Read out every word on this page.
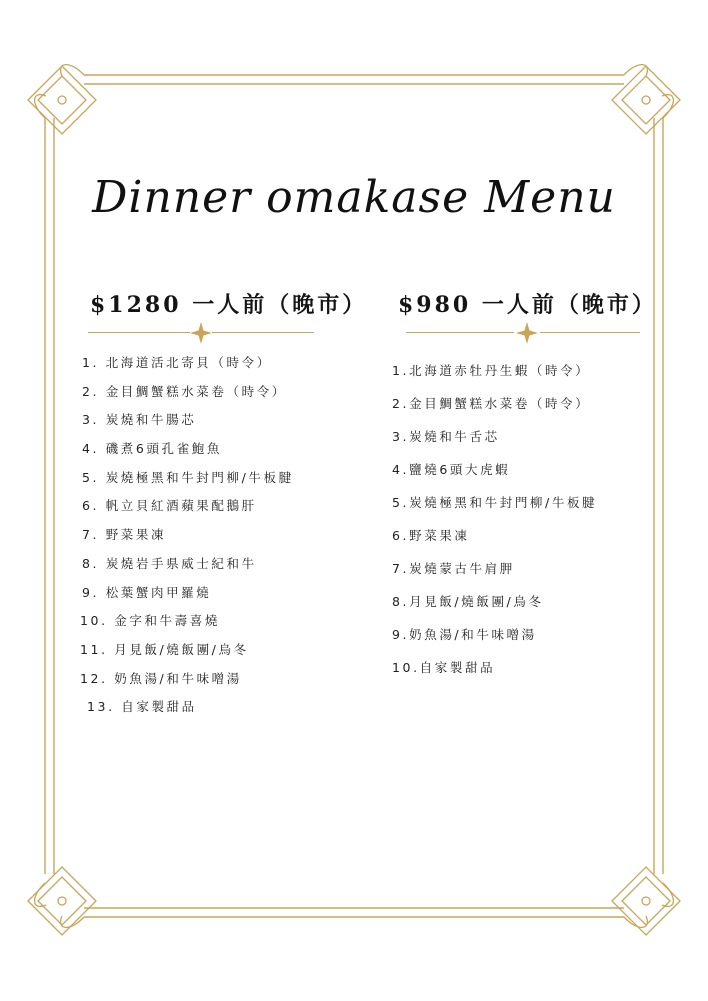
Dinner omakase Menu
$1280 一人前（晚市）
1. 北海道活北寄貝（時令）
2. 金目鯛蟹糕水菜卷（時令）
3. 炭燒和牛腸芯
4. 磯煮6頭孔雀鮑魚
5. 炭燒極黑和牛封門柳/牛板腱
6. 帆立貝紅酒蘋果配鵝肝
7. 野菜果凍
8. 炭燒岩手県威士紀和牛
9. 松葉蟹肉甲羅燒
10. 金字和牛壽喜燒
11. 月見飯/燒飯團/烏冬
12. 奶魚湯/和牛味噌湯
13. 自家製甜品
$980 一人前（晚市）
1.北海道赤牡丹生蝦（時令）
2.金目鯛蟹糕水菜卷（時令）
3.炭燒和牛舌芯
4.鹽燒6頭大虎蝦
5.炭燒極黑和牛封門柳/牛板腱
6.野菜果凍
7.炭燒蒙古牛肩胛
8.月見飯/燒飯團/烏冬
9.奶魚湯/和牛味噌湯
10.自家製甜品
